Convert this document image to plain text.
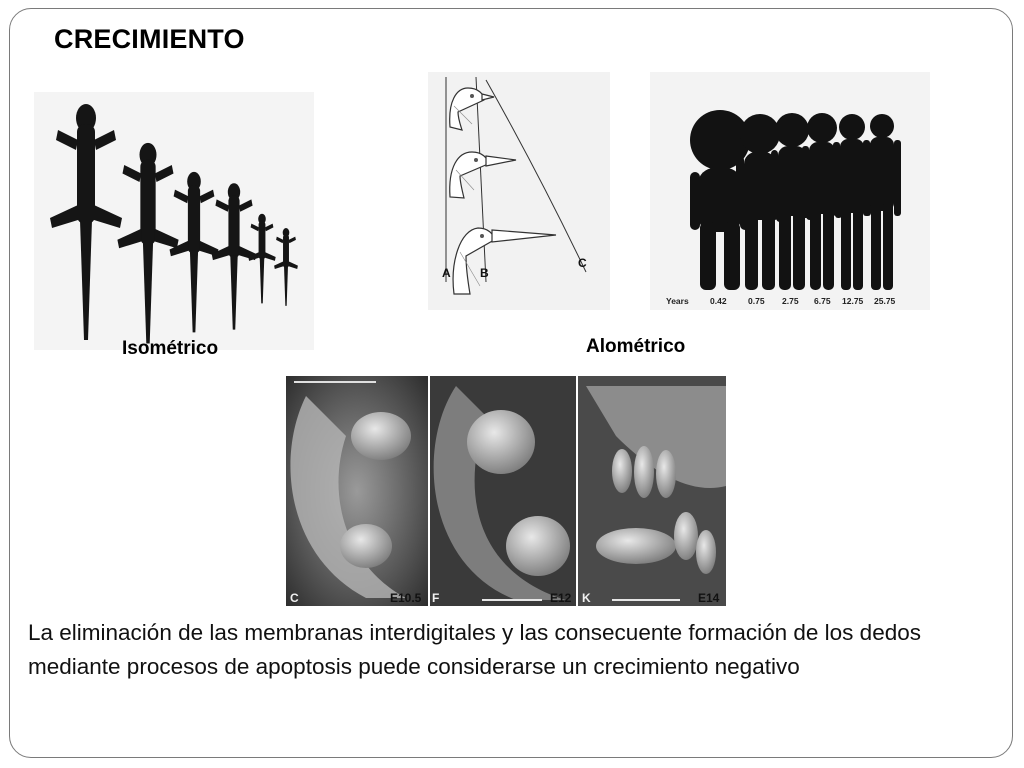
CRECIMIENTO
Isométrico
A B
C
Years	0.42	0.75 2.75 6.75 12.75 25.75
Alométrico
C	E10.5 F	E12 K	E14
La eliminación de las membranas interdigitales y las consecuente formación de los dedos mediante procesos de apoptosis puede considerarse un crecimiento negativo
